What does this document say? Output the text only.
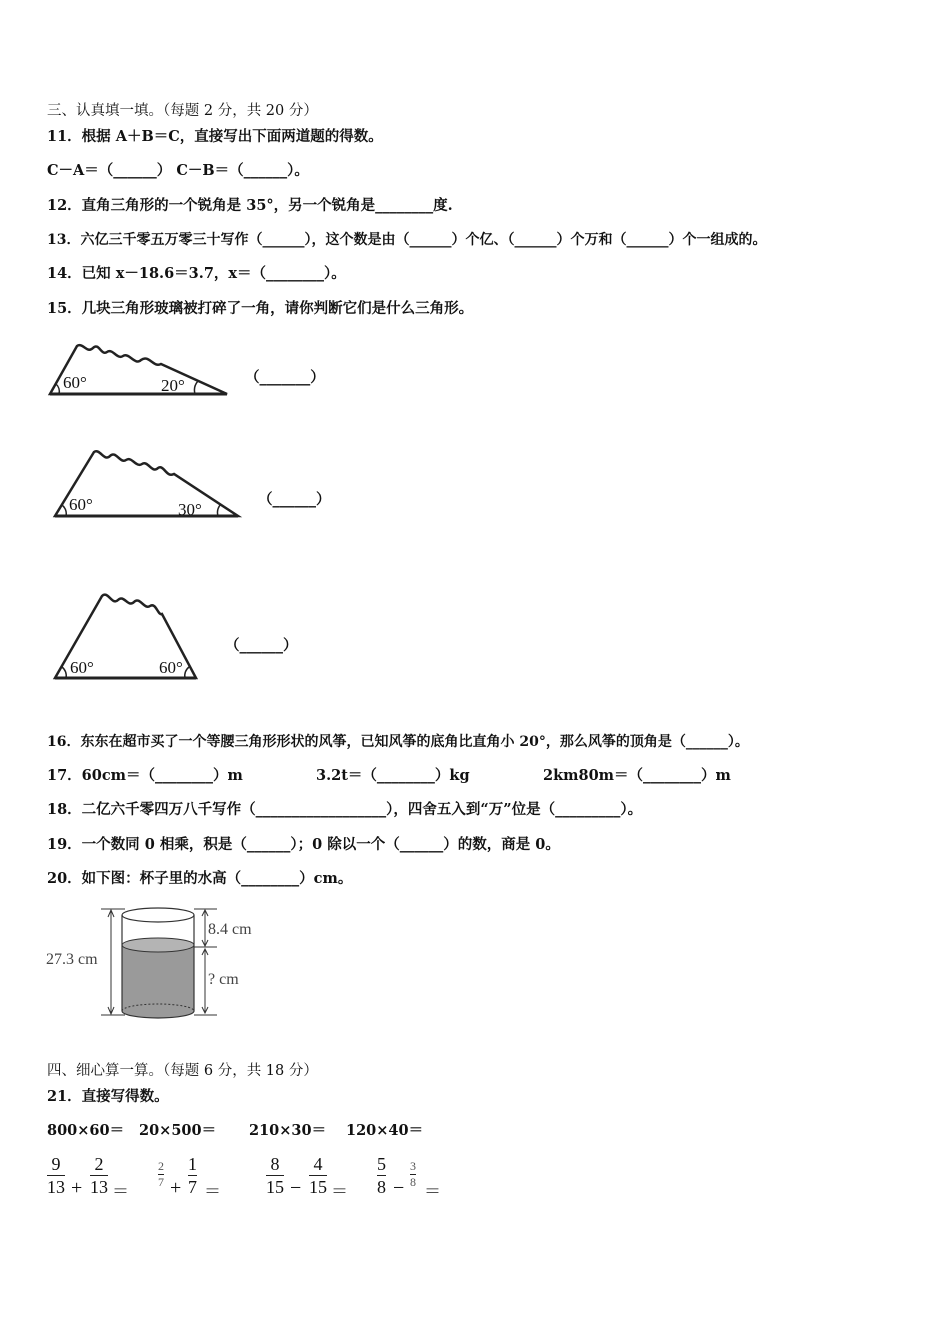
三、认真填一填。（每题 2 分，共 20 分）
11．根据 A＋B＝C，直接写出下面两道题的得数。
C－A＝（______） C－B＝（______）。
12．直角三角形的一个锐角是 35°，另一个锐角是________度.
13．六亿三千零五万零三十写作（______），这个数是由（______）个亿、（______）个万和（______）个一组成的。
14．已知 x－18.6＝3.7，x＝（________）。
15．几块三角形玻璃被打碎了一角，请你判断它们是什么三角形。
60°	20°	（_______）
60°	30°
（______）
60°	60°
（______）
16．东东在超市买了一个等腰三角形形状的风筝，已知风筝的底角比直角小 20°，那么风筝的顶角是（______）。
17．60cm＝（________）m	3.2t＝（________）kg	2km80m＝（________）m
18．二亿六千零四万八千写作（__________________），四舍五入到“万”位是（_________）。
19．一个数同 0 相乘，积是（______）；0 除以一个（______）的数，商是 0。
20．如下图：杯子里的水高（________）cm。
27.3 cm
8.4 cm
? cm
四、细心算一算。（每题 6 分，共 18 分）
21．直接写得数。
800×60＝ 20×500＝ 210×30＝ 120×40＝
9
13 +
2
13 ＝
2
7 +
1
7 ＝
8
15 −
4
15 ＝
5
8 −
3
8 ＝
